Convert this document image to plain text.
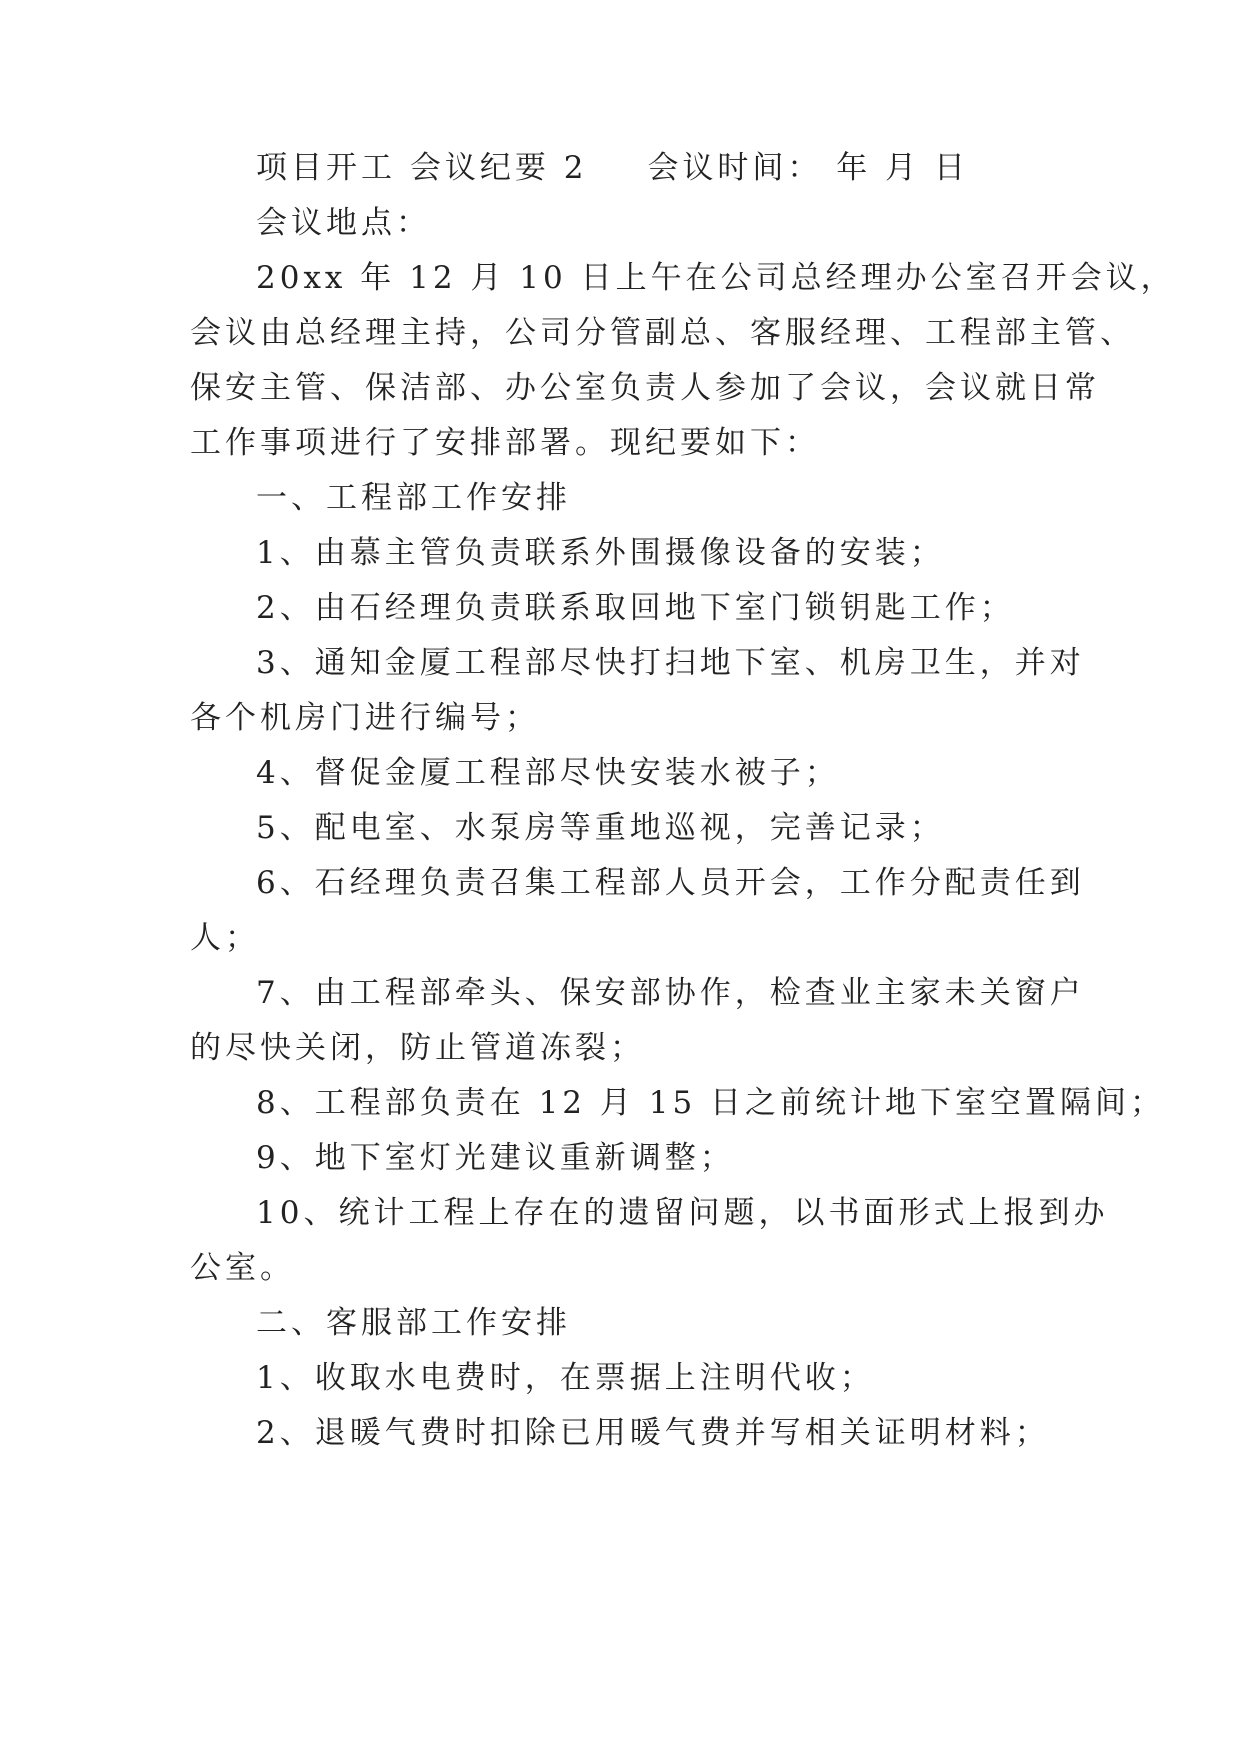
项目开工 会议纪要 2 会议时间： 年 月 日
会议地点：
20xx 年 12 月 10 日上午在公司总经理办公室召开会议，
会议由总经理主持，公司分管副总、客服经理、工程部主管、
保安主管、保洁部、办公室负责人参加了会议，会议就日常
工作事项进行了安排部署。现纪要如下：
一、工程部工作安排
1、由慕主管负责联系外围摄像设备的安装；
2、由石经理负责联系取回地下室门锁钥匙工作；
3、通知金厦工程部尽快打扫地下室、机房卫生，并对
各个机房门进行编号；
4、督促金厦工程部尽快安装水被子；
5、配电室、水泵房等重地巡视，完善记录；
6、石经理负责召集工程部人员开会，工作分配责任到
人；
7、由工程部牵头、保安部协作，检查业主家未关窗户
的尽快关闭，防止管道冻裂；
8、工程部负责在 12 月 15 日之前统计地下室空置隔间；
9、地下室灯光建议重新调整；
10、统计工程上存在的遗留问题，以书面形式上报到办
公室。
二、客服部工作安排
1、收取水电费时，在票据上注明代收；
2、退暖气费时扣除已用暖气费并写相关证明材料；
